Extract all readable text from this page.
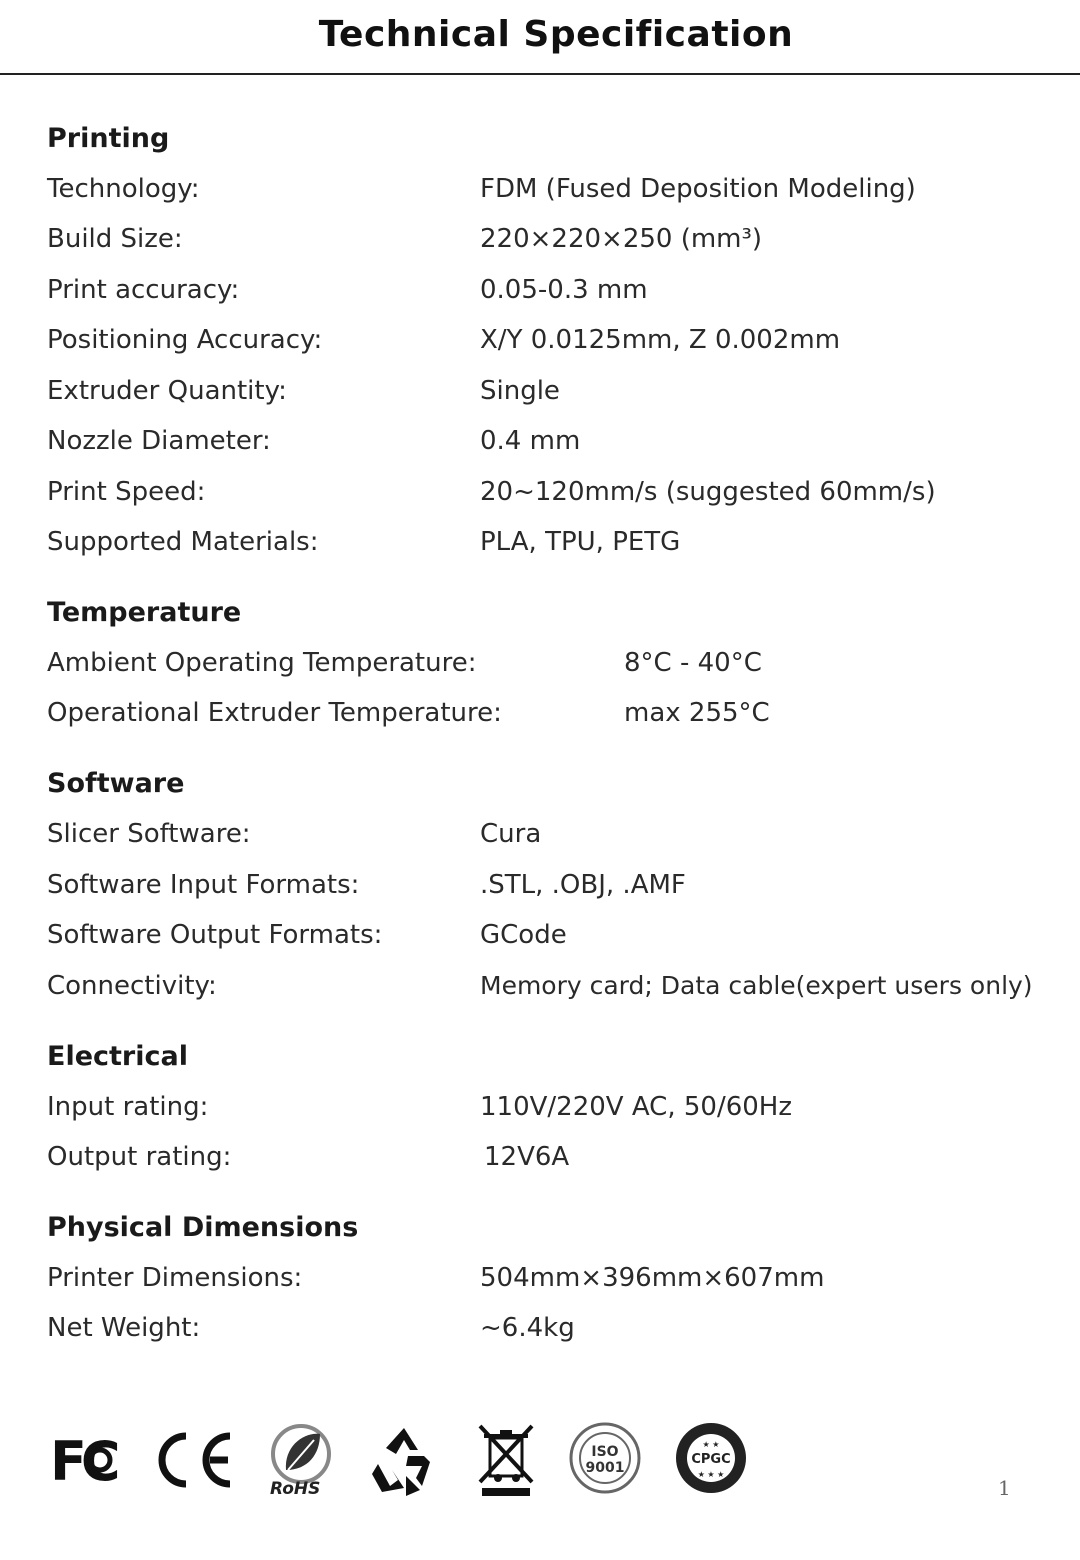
Technical Specification
Printing
Technology:	FDM (Fused Deposition Modeling)
Build Size:	220×220×250 (mm³)
Print accuracy:	0.05-0.3 mm
Positioning Accuracy:	X/Y 0.0125mm, Z 0.002mm
Extruder Quantity:	Single
Nozzle Diameter:	0.4 mm
Print Speed:	20~120mm/s (suggested 60mm/s)
Supported Materials:	PLA, TPU, PETG
Temperature
Ambient Operating Temperature:	8°C - 40°C
Operational Extruder Temperature:	max 255°C
Software
Slicer Software:	Cura
Software Input Formats:	.STL, .OBJ, .AMF
Software Output Formats:	GCode
Connectivity:	Memory card; Data cable(expert users only)
Electrical
Input rating:	110V/220V AC, 50/60Hz
Output rating:	12V6A
Physical Dimensions
Printer Dimensions:	504mm×396mm×607mm
Net Weight:	~6.4kg
FC	RoHS
ISO
9001
CPGC
★ ★
★ ★ ★
1
